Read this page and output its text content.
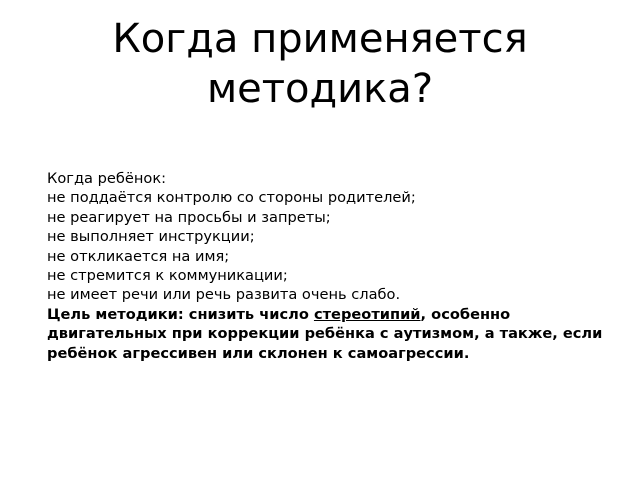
Когда применяется
методика?
Когда ребёнок:
не поддаётся контролю со стороны родителей;
не реагирует на просьбы и запреты;
не выполняет инструкции;
не откликается на имя;
не стремится к коммуникации;
не имеет речи или речь развита очень слабо.
Цель методики: снизить число стереотипий, особенно двигательных при коррекции ребёнка с аутизмом, а также, если ребёнок агрессивен или склонен к самоагрессии.
